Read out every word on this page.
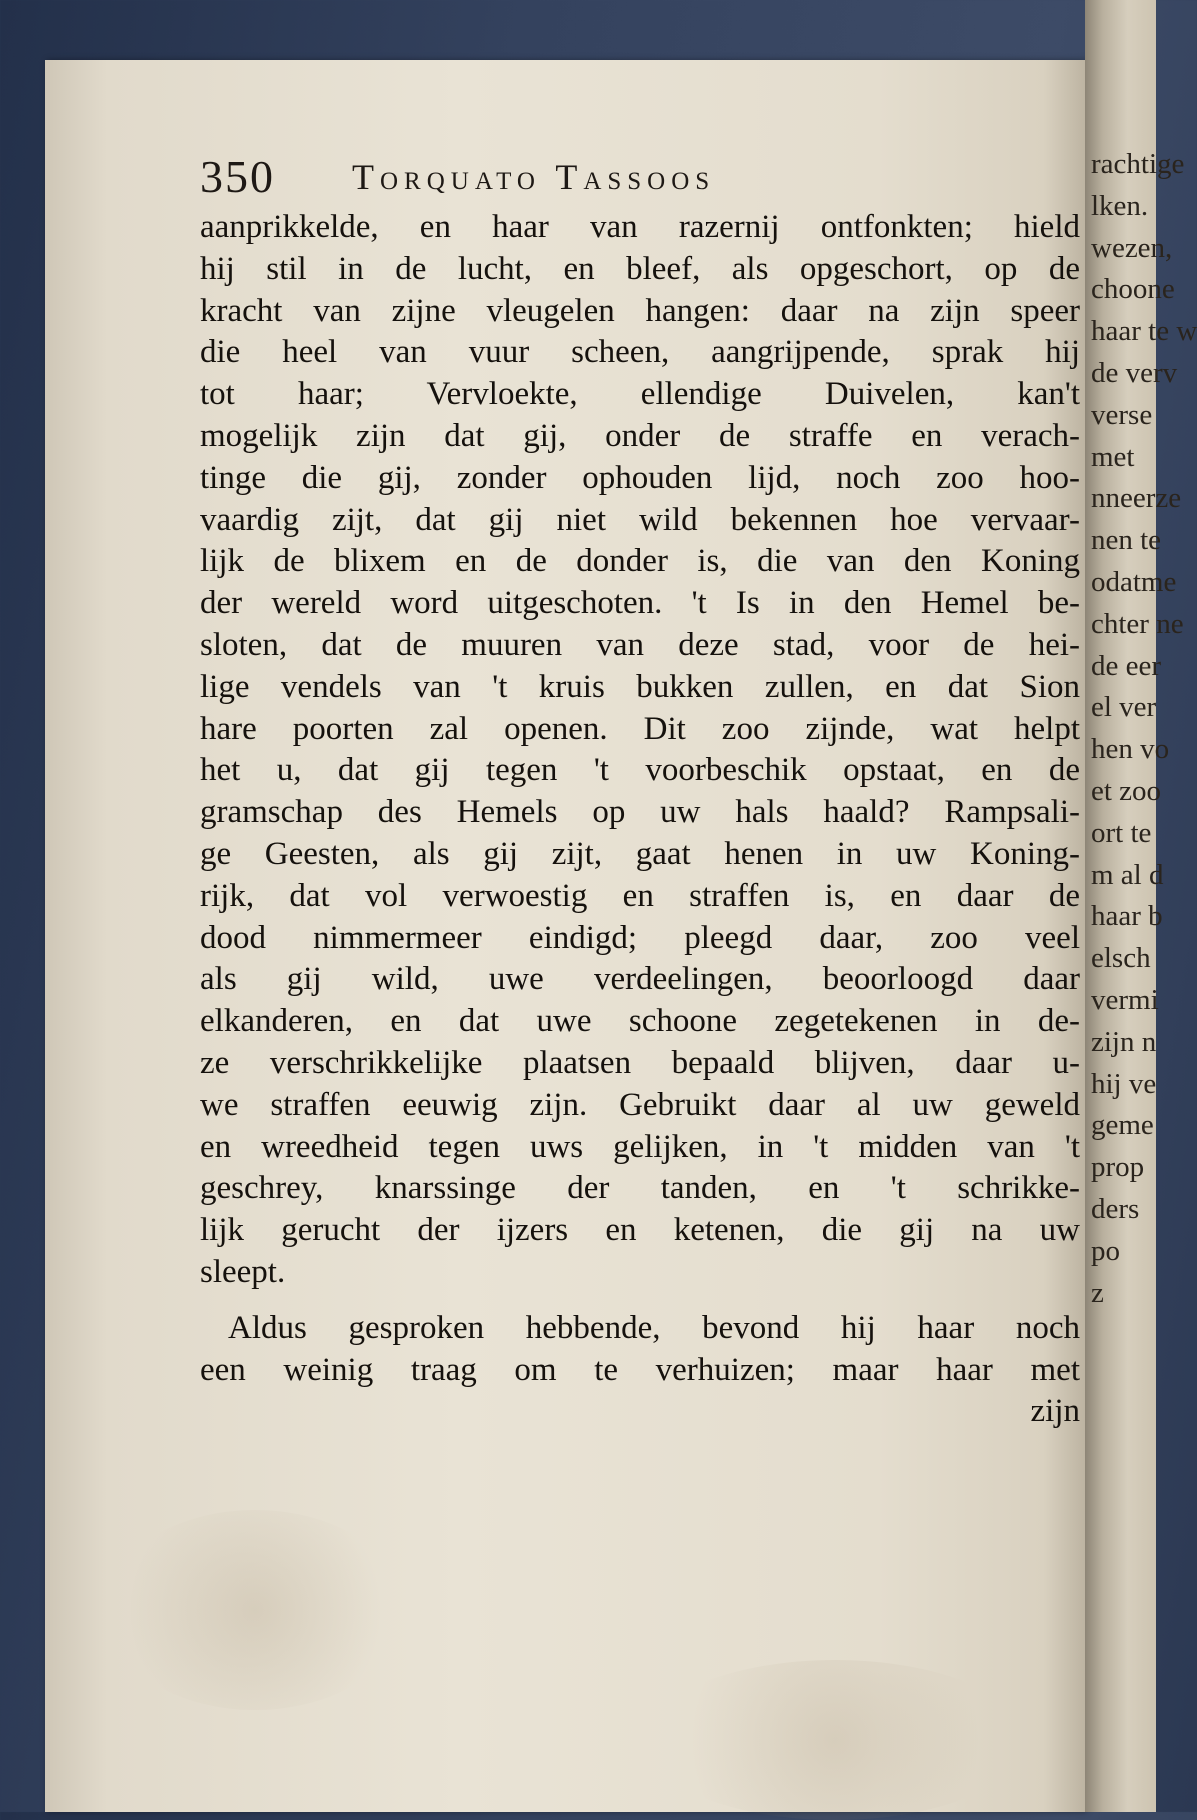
350 Torquato Tassoos
aanprikkelde, en haar van razernij ontfonkten; hield
hij stil in de lucht, en bleef, als opgeschort, op de
kracht van zijne vleugelen hangen: daar na zijn speer
die heel van vuur scheen, aangrijpende, sprak hij
tot haar; Vervloekte, ellendige Duivelen, kan't
mogelijk zijn dat gij, onder de straffe en verach-
tinge die gij, zonder ophouden lijd, noch zoo hoo-
vaardig zijt, dat gij niet wild bekennen hoe vervaar-
lijk de blixem en de donder is, die van den Koning
der wereld word uitgeschoten. 't Is in den Hemel be-
sloten, dat de muuren van deze stad, voor de hei-
lige vendels van 't kruis bukken zullen, en dat Sion
hare poorten zal openen. Dit zoo zijnde, wat helpt
het u, dat gij tegen 't voorbeschik opstaat, en de
gramschap des Hemels op uw hals haald? Rampsali-
ge Geesten, als gij zijt, gaat henen in uw Koning-
rijk, dat vol verwoestig en straffen is, en daar de
dood nimmermeer eindigd; pleegd daar, zoo veel
als gij wild, uwe verdeelingen, beoorloogd daar
elkanderen, en dat uwe schoone zegetekenen in de-
ze verschrikkelijke plaatsen bepaald blijven, daar u-
we straffen eeuwig zijn. Gebruikt daar al uw geweld
en wreedheid tegen uws gelijken, in 't midden van 't
geschrey, knarssinge der tanden, en 't schrikke-
lijk gerucht der ijzers en ketenen, die gij na uw
sleept.
Aldus gesproken hebbende, bevond hij haar noch
een weinig traag om te verhuizen; maar haar met
zijn
rachtige
lken.
wezen,
choone
haar te w
de verv
verse
met
nneerze
nen te
odatme
chter ne
de eer
el ver
hen vo
et zoo
ort te
m al d
haar b
elsch
vermi
zijn n
hij ve
geme
prop
ders
po
z
